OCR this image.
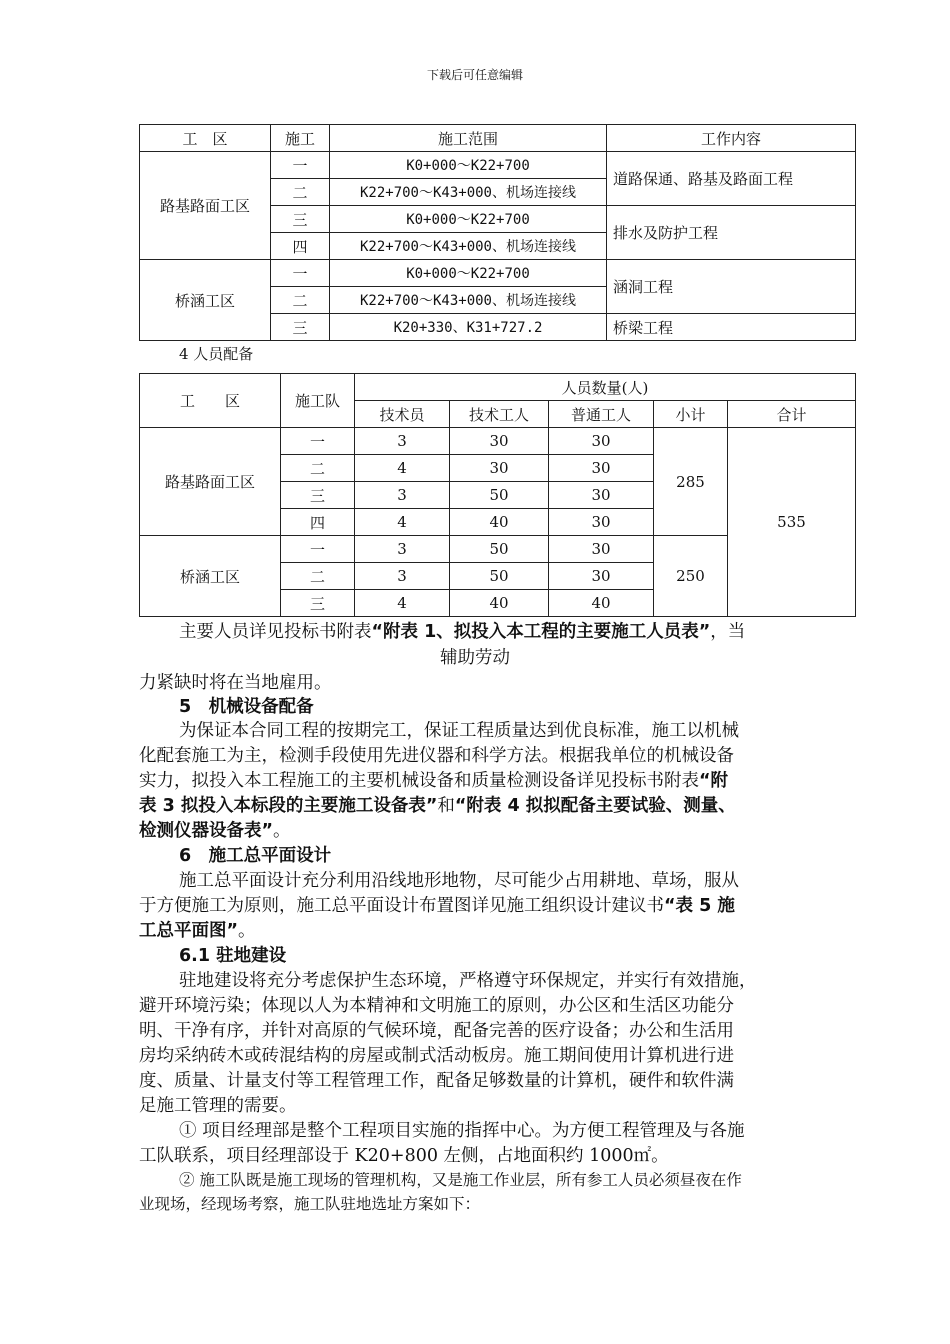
下载后可任意编辑
工　区	施工	施工范围	工作内容
路基路面工区	一	K0+000～K22+700	道路保通、路基及路面工程
	二	K22+700～K43+000、机场连接线	
	三	K0+000～K22+700	排水及防护工程
	四	K22+700～K43+000、机场连接线	
桥涵工区	一	K0+000～K22+700	涵洞工程
	二	K22+700～K43+000、机场连接线	
	三	K20+330、K31+727.2	桥梁工程
4 人员配备
工　　区	施工队	人员数量(人)				
		技术员	技术工人	普通工人	小计	合计
路基路面工区	一	3	30	30	285	535
	二	4	30	30		
	三	3	50	30		
	四	4	40	30		
桥涵工区	一	3	50	30	250	
	二	3	50	30		
	三	4	40	40		
主要人员详见投标书附表“附表 1、拟投入本工程的主要施工人员表”，当
辅助劳动
力紧缺时将在当地雇用。
5　机械设备配备
为保证本合同工程的按期完工，保证工程质量达到优良标准，施工以机械
化配套施工为主，检测手段使用先进仪器和科学方法。根据我单位的机械设备
实力，拟投入本工程施工的主要机械设备和质量检测设备详见投标书附表“附
表 3 拟投入本标段的主要施工设备表”和“附表 4 拟拟配备主要试验、测量、
检测仪器设备表”。
6　施工总平面设计
施工总平面设计充分利用沿线地形地物，尽可能少占用耕地、草场，服从
于方便施工为原则，施工总平面设计布置图详见施工组织设计建议书“表 5 施
工总平面图”。
6.1 驻地建设
驻地建设将充分考虑保护生态环境，严格遵守环保规定，并实行有效措施，
避开环境污染；体现以人为本精神和文明施工的原则，办公区和生活区功能分
明、干净有序，并针对高原的气候环境，配备完善的医疗设备；办公和生活用
房均采纳砖木或砖混结构的房屋或制式活动板房。施工期间使用计算机进行进
度、质量、计量支付等工程管理工作，配备足够数量的计算机，硬件和软件满
足施工管理的需要。
① 项目经理部是整个工程项目实施的指挥中心。为方便工程管理及与各施
工队联系，项目经理部设于 K20+800 左侧，占地面积约 1000㎡。
② 施工队既是施工现场的管理机构，又是施工作业层，所有参工人员必须昼夜在作
业现场，经现场考察，施工队驻地选址方案如下：
